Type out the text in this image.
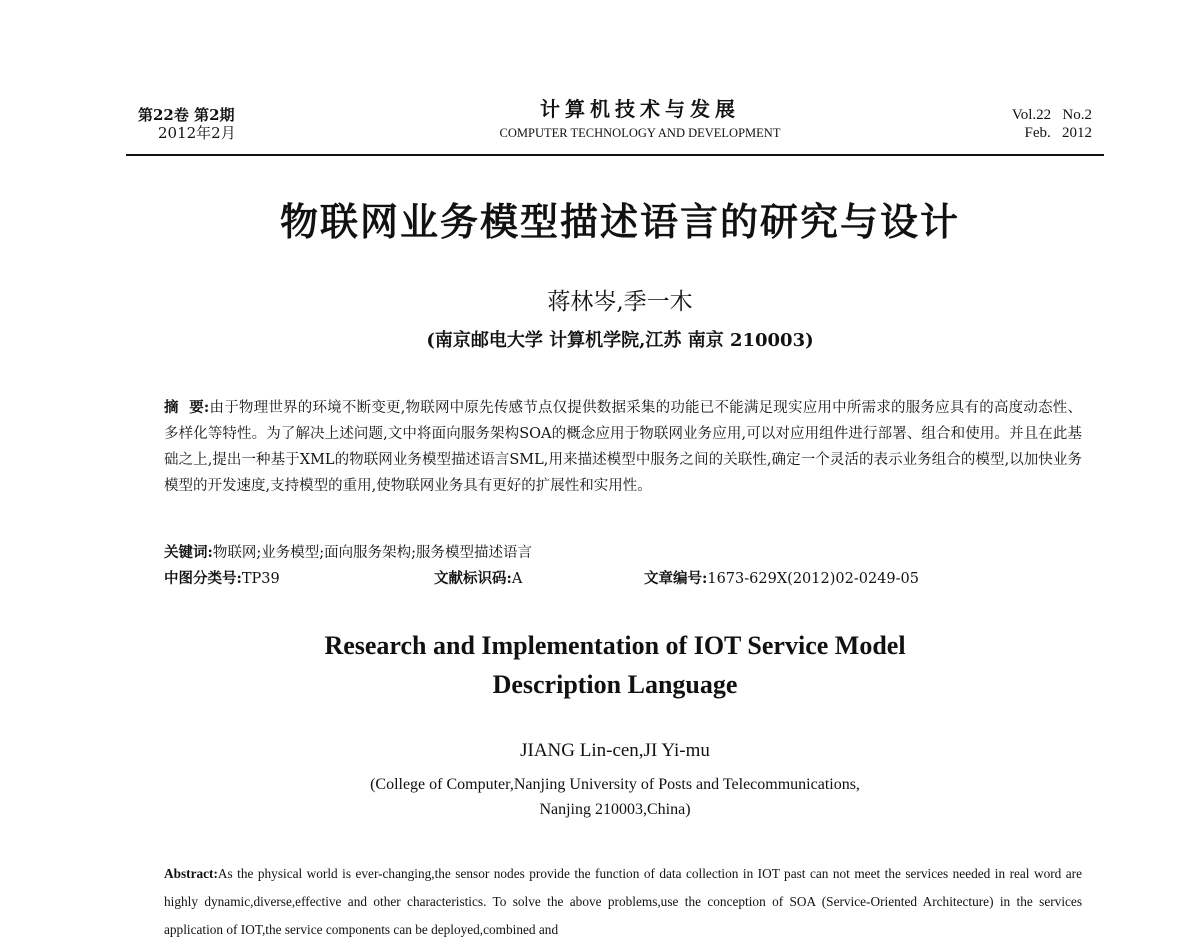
第22卷 第2期
2012年2月
计算机技术与发展
COMPUTER TECHNOLOGY AND DEVELOPMENT
Vol.22   No.2
Feb.   2012
物联网业务模型描述语言的研究与设计
蒋林岑,季一木
(南京邮电大学 计算机学院,江苏 南京 210003)
摘  要:由于物理世界的环境不断变更,物联网中原先传感节点仅提供数据采集的功能已不能满足现实应用中所需求的服务应具有的高度动态性、多样化等特性。为了解决上述问题,文中将面向服务架构SOA的概念应用于物联网业务应用,可以对应用组件进行部署、组合和使用。并且在此基础之上,提出一种基于XML的物联网业务模型描述语言SML,用来描述模型中服务之间的关联性,确定一个灵活的表示业务组合的模型,以加快业务模型的开发速度,支持模型的重用,使物联网业务具有更好的扩展性和实用性。
关键词:物联网;业务模型;面向服务架构;服务模型描述语言
中图分类号:TP39	文献标识码:A	文章编号:1673-629X(2012)02-0249-05
Research and Implementation of IOT Service Model
Description Language
JIANG Lin-cen,JI Yi-mu
(College of Computer,Nanjing University of Posts and Telecommunications,
Nanjing 210003,China)
Abstract:As the physical world is ever-changing,the sensor nodes provide the function of data collection in IOT past can not meet the services needed in real word are highly dynamic,diverse,effective and other characteristics. To solve the above problems,use the conception of SOA (Service-Oriented Architecture) in the services application of IOT,the service components can be deployed,combined and
